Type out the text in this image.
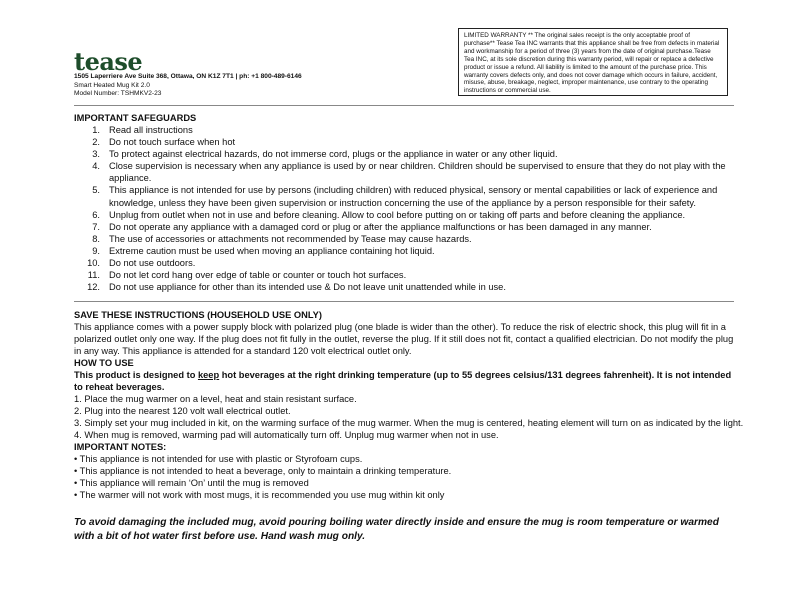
tease
1505 Laperriere Ave Suite 368, Ottawa, ON K1Z 7T1 | ph: +1 800-489-6146
Smart Heated Mug Kit 2.0
Model Number: TSHMKV2-23
LIMITED WARRANTY ** The original sales receipt is the only acceptable proof of purchase** Tease Tea INC warrants that this appliance shall be free from defects in material and workmanship for a period of three (3) years from the date of original purchase.Tease Tea INC, at its sole discretion during this warranty period, will repair or replace a defective product or issue a refund. All liability is limited to the amount of the purchase price. This warranty covers defects only, and does not cover damage which occurs in failure, accident, misuse, abuse, breakage, neglect, improper maintenance, use contrary to the operating instructions or commercial use.
IMPORTANT SAFEGUARDS
1. Read all instructions
2. Do not touch surface when hot
3. To protect against electrical hazards, do not immerse cord, plugs or the appliance in water or any other liquid.
4. Close supervision is necessary when any appliance is used by or near children. Children should be supervised to ensure that they do not play with the appliance.
5. This appliance is not intended for use by persons (including children) with reduced physical, sensory or mental capabilities or lack of experience and knowledge, unless they have been given supervision or instruction concerning the use of the appliance by a person responsible for their safety.
6. Unplug from outlet when not in use and before cleaning. Allow to cool before putting on or taking off parts and before cleaning the appliance.
7. Do not operate any appliance with a damaged cord or plug or after the appliance malfunctions or has been damaged in any manner.
8. The use of accessories or attachments not recommended by Tease may cause hazards.
9. Extreme caution must be used when moving an appliance containing hot liquid.
10. Do not use outdoors.
11. Do not let cord hang over edge of table or counter or touch hot surfaces.
12. Do not use appliance for other than its intended use & Do not leave unit unattended while in use.
SAVE THESE INSTRUCTIONS (HOUSEHOLD USE ONLY)
This appliance comes with a power supply block with polarized plug (one blade is wider than the other). To reduce the risk of electric shock, this plug will fit in a polarized outlet only one way. If the plug does not fit fully in the outlet, reverse the plug. If it still does not fit, contact a qualified electrician. Do not modify the plug in any way. This appliance is attended for a standard 120 volt electrical outlet only.
HOW TO USE
This product is designed to keep hot beverages at the right drinking temperature (up to 55 degrees celsius/131 degrees fahrenheit). It is not intended to reheat beverages.
1. Place the mug warmer on a level, heat and stain resistant surface.
2. Plug into the nearest 120 volt wall electrical outlet.
3. Simply set your mug included in kit, on the warming surface of the mug warmer. When the mug is centered, heating element will turn on as indicated by the light.
4. When mug is removed, warming pad will automatically turn off. Unplug mug warmer when not in use.
IMPORTANT NOTES:
• This appliance is not intended for use with plastic or Styrofoam cups.
• This appliance is not intended to heat a beverage, only to maintain a drinking temperature.
• This appliance will remain ‘On’ until the mug is removed
• The warmer will not work with most mugs, it is recommended you use mug within kit only
To avoid damaging the included mug, avoid pouring boiling water directly inside and ensure the mug is room temperature or warmed with a bit of hot water first before use. Hand wash mug only.
